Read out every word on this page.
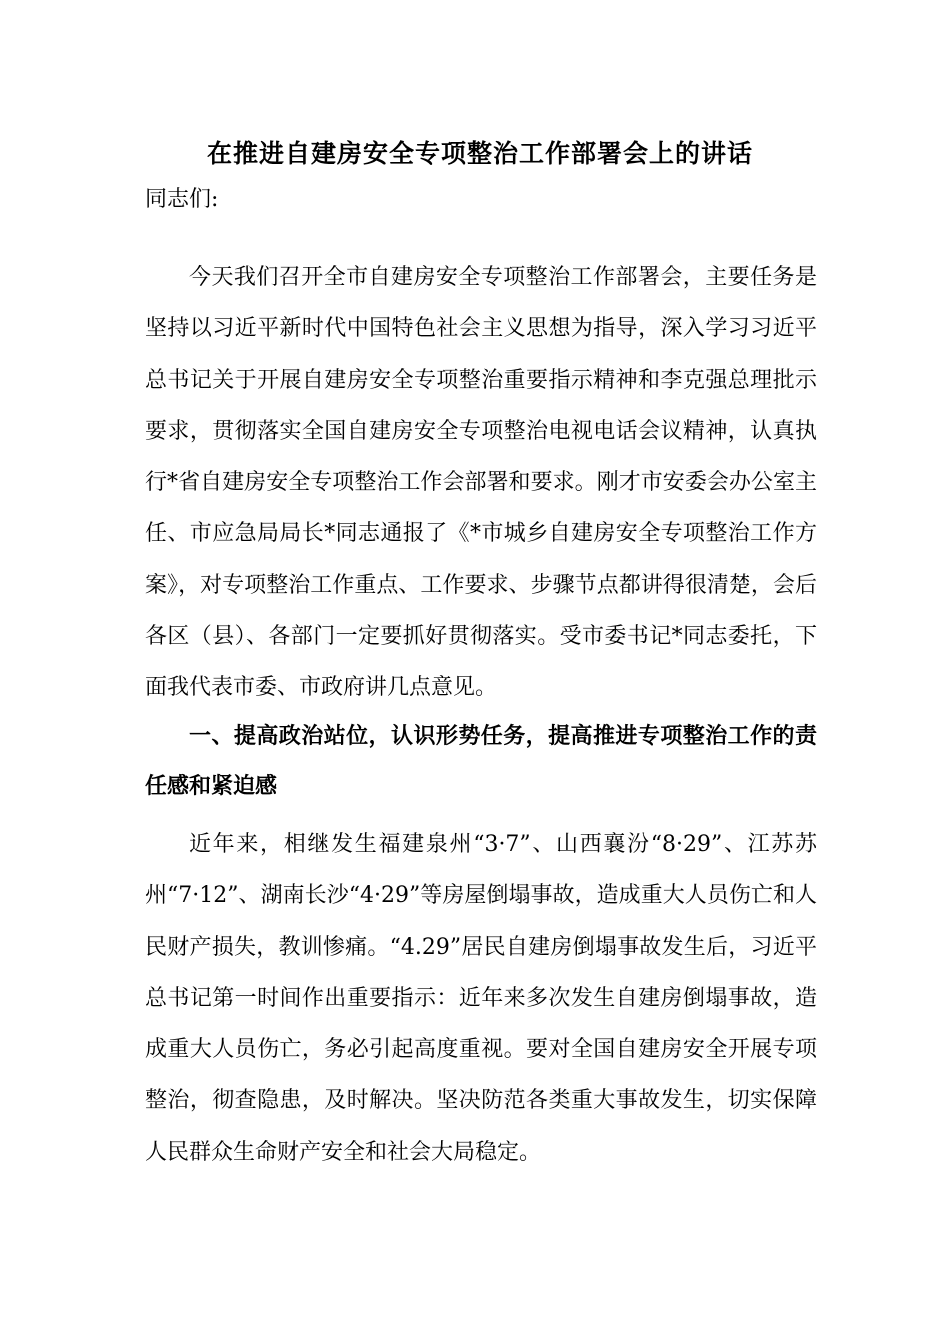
在推进自建房安全专项整治工作部署会上的讲话

同志们:

今天我们召开全市自建房安全专项整治工作部署会，主要任务是坚持以习近平新时代中国特色社会主义思想为指导，深入学习习近平总书记关于开展自建房安全专项整治重要指示精神和李克强总理批示要求，贯彻落实全国自建房安全专项整治电视电话会议精神，认真执行*省自建房安全专项整治工作会部署和要求。刚才市安委会办公室主任、市应急局局长*同志通报了《*市城乡自建房安全专项整治工作方案》，对专项整治工作重点、工作要求、步骤节点都讲得很清楚，会后各区（县）、各部门一定要抓好贯彻落实。受市委书记*同志委托，下面我代表市委、市政府讲几点意见。

一、提高政治站位，认识形势任务，提高推进专项整治工作的责任感和紧迫感

近年来，相继发生福建泉州“3·7”、山西襄汾“8·29”、江苏苏州“7·12”、湖南长沙“4·29”等房屋倒塌事故，造成重大人员伤亡和人民财产损失，教训惨痛。“4.29”居民自建房倒塌事故发生后，习近平总书记第一时间作出重要指示：近年来多次发生自建房倒塌事故，造成重大人员伤亡，务必引起高度重视。要对全国自建房安全开展专项整治，彻查隐患，及时解决。坚决防范各类重大事故发生，切实保障人民群众生命财产安全和社会大局稳定。
